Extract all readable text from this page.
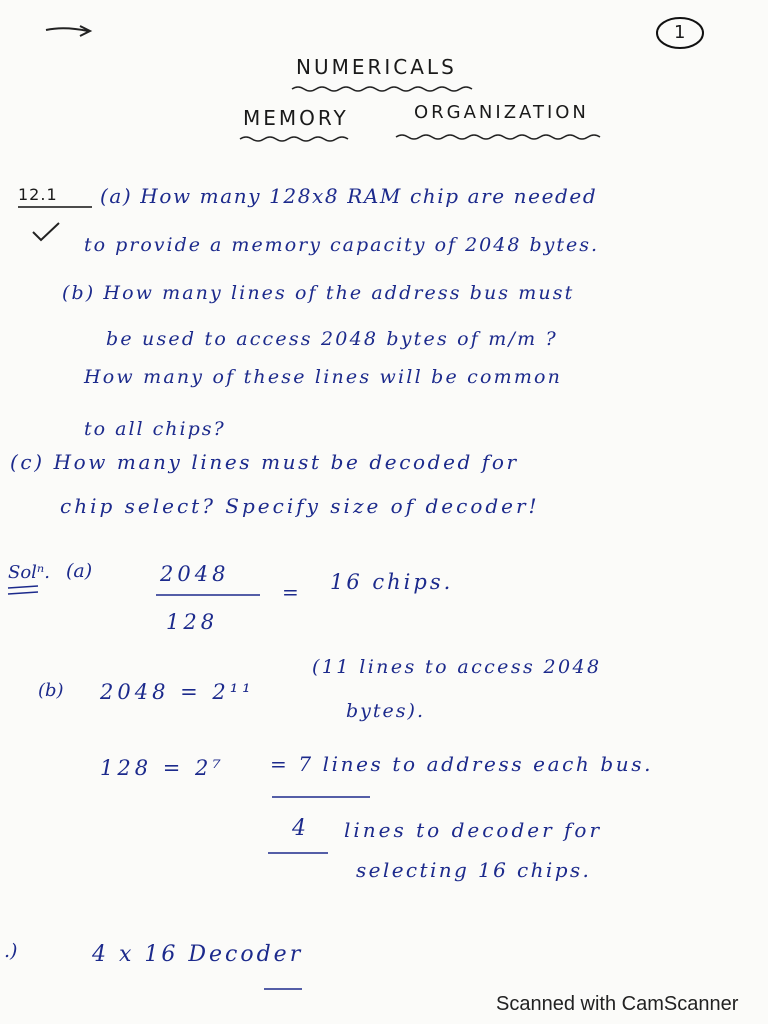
1
NUMERICALS
MEMORY	ORGANIZATION
12.1 (a) How many 128x8 RAM chip are needed
to provide a memory capacity of 2048 bytes.
(b) How many lines of the address bus must
be used to access 2048 bytes of m/m ?
How many of these lines will be common
to all chips?
(c) How many lines must be decoded for
chip select? Specify size of decoder!
Solⁿ. (a)	2048
128
= 16 chips.
(b) 2048 = 2¹¹
(11 lines to access 2048
bytes).
128 = 2⁷ = 7 lines to address each bus.
4 lines to decoder for
selecting 16 chips.
.)	4 x 16 Decoder
Scanned with CamScanner
